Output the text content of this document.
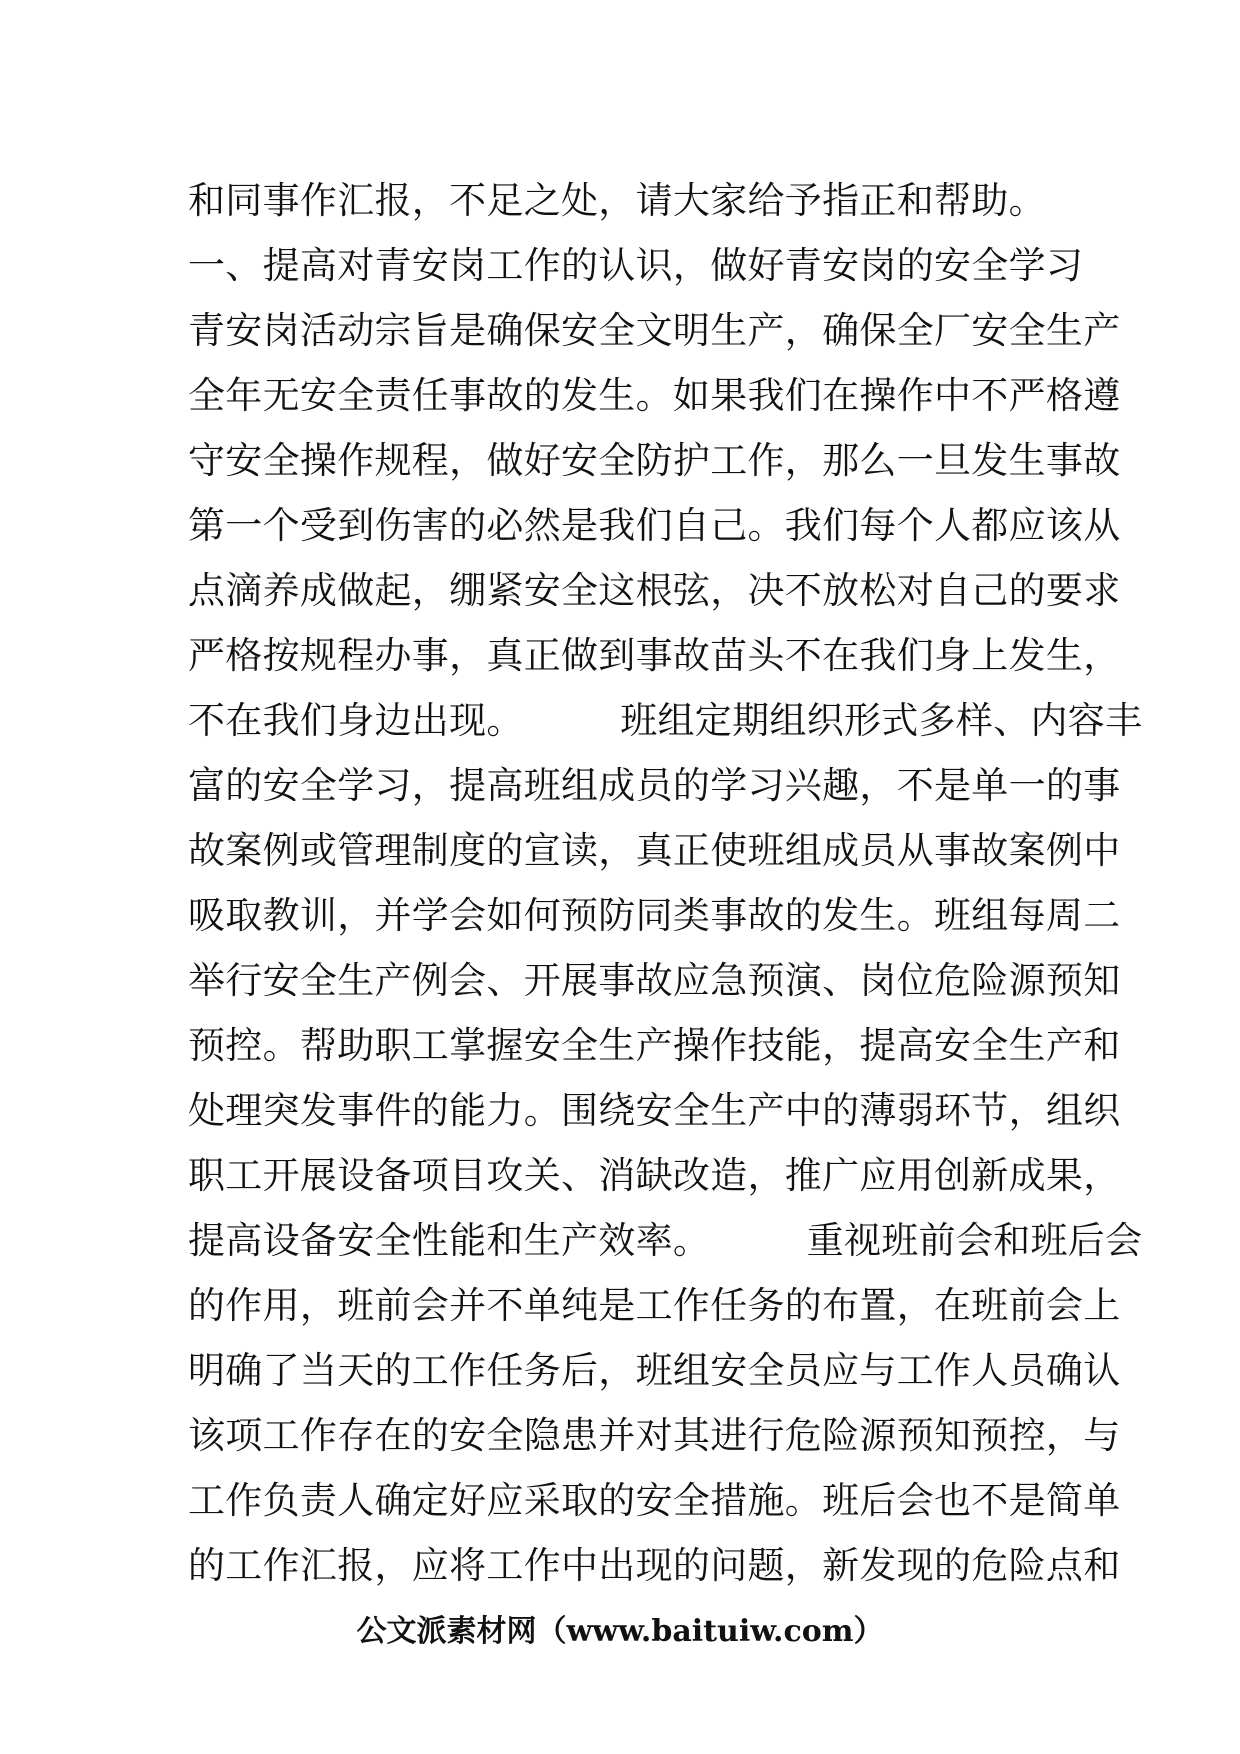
和同事作汇报，不足之处，请大家给予指正和帮助。
一、提高对青安岗工作的认识，做好青安岗的安全学习
青安岗活动宗旨是确保安全文明生产，确保全厂安全生产
全年无安全责任事故的发生。如果我们在操作中不严格遵
守安全操作规程，做好安全防护工作，那么一旦发生事故
第一个受到伤害的必然是我们自己。我们每个人都应该从
点滴养成做起，绷紧安全这根弦，决不放松对自己的要求
严格按规程办事，真正做到事故苗头不在我们身上发生，
不在我们身边出现。        班组定期组织形式多样、内容丰
富的安全学习，提高班组成员的学习兴趣，不是单一的事
故案例或管理制度的宣读，真正使班组成员从事故案例中
吸取教训，并学会如何预防同类事故的发生。班组每周二
举行安全生产例会、开展事故应急预演、岗位危险源预知
预控。帮助职工掌握安全生产操作技能，提高安全生产和
处理突发事件的能力。围绕安全生产中的薄弱环节，组织
职工开展设备项目攻关、消缺改造，推广应用创新成果，
提高设备安全性能和生产效率。        重视班前会和班后会
的作用，班前会并不单纯是工作任务的布置，在班前会上
明确了当天的工作任务后，班组安全员应与工作人员确认
该项工作存在的安全隐患并对其进行危险源预知预控，与
工作负责人确定好应采取的安全措施。班后会也不是简单
的工作汇报，应将工作中出现的问题，新发现的危险点和
公文派素材网（www.baituiw.com）
